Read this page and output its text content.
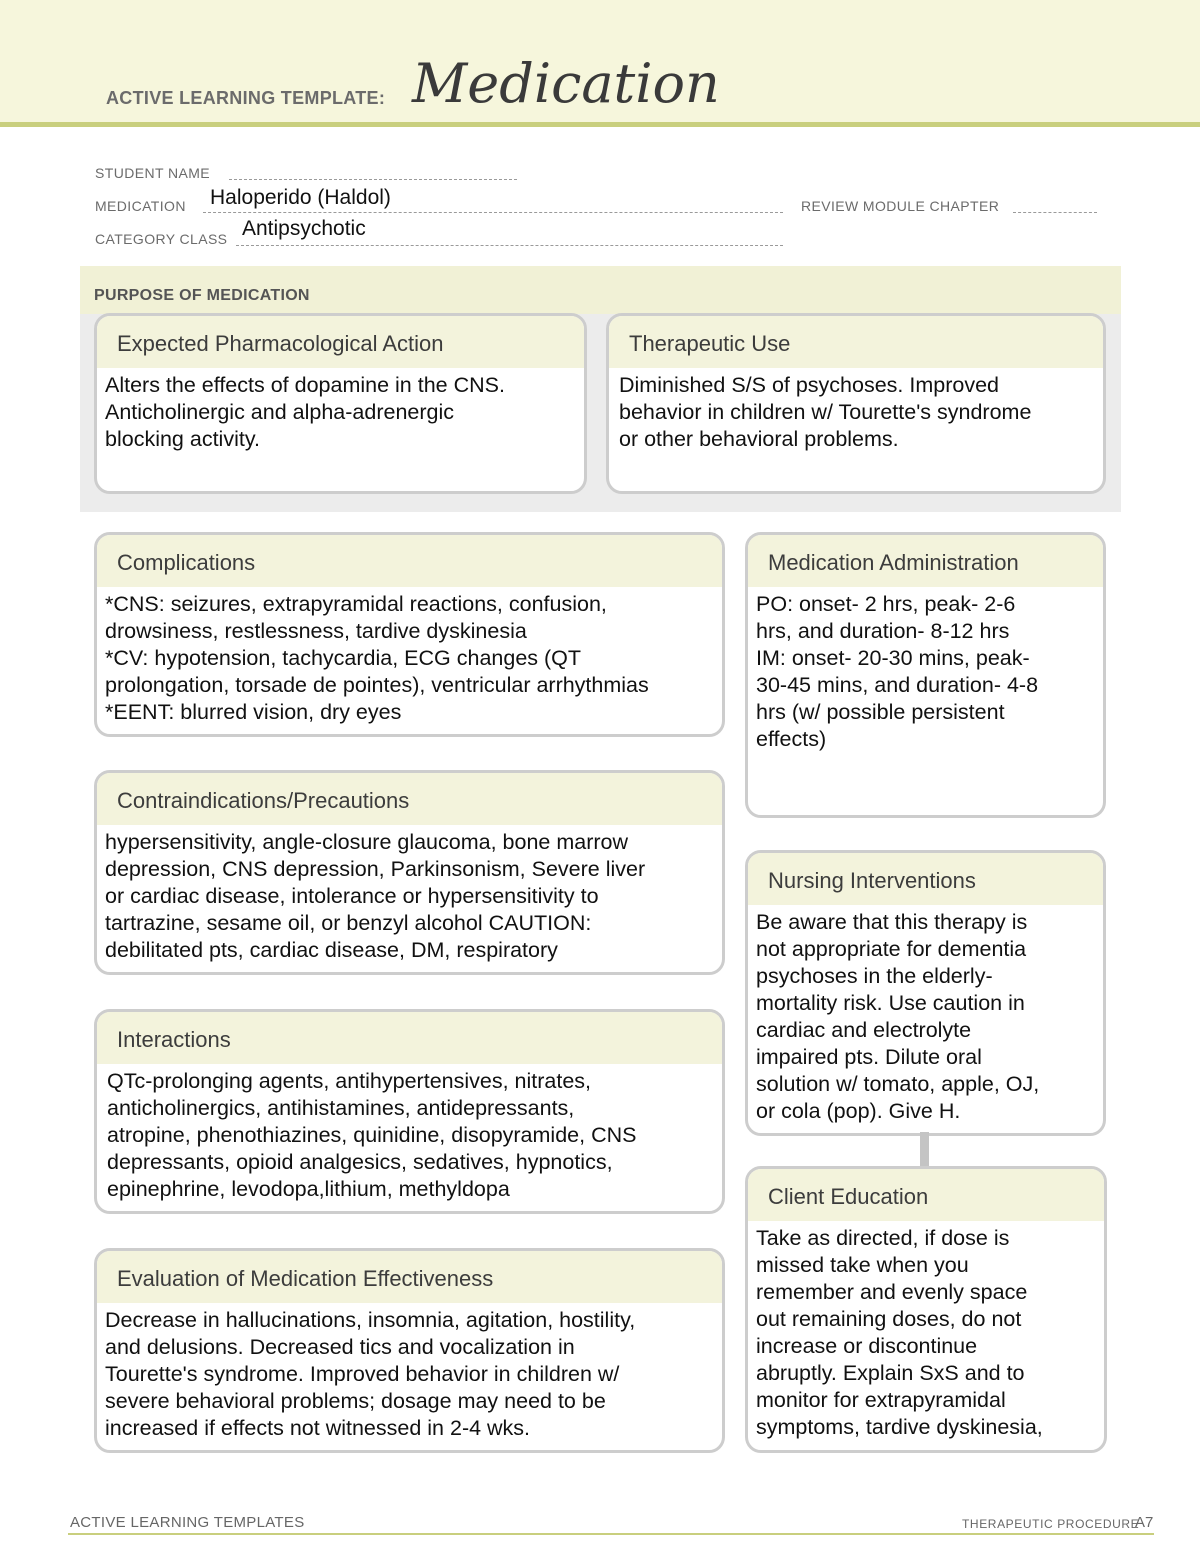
ACTIVE LEARNING TEMPLATE: Medication
STUDENT NAME
MEDICATION Haloperido (Haldol)	REVIEW MODULE CHAPTER
CATEGORY CLASS Antipsychotic
PURPOSE OF MEDICATION
Expected Pharmacological Action
Alters the effects of dopamine in the CNS.
Anticholinergic and alpha-adrenergic
blocking activity.
Therapeutic Use
Diminished S/S of psychoses. Improved
behavior in children w/ Tourette's syndrome
or other behavioral problems.
Complications
*CNS: seizures, extrapyramidal reactions, confusion,
drowsiness, restlessness, tardive dyskinesia
*CV: hypotension, tachycardia, ECG changes (QT
prolongation, torsade de pointes), ventricular arrhythmias
*EENT: blurred vision, dry eyes
Contraindications/Precautions
hypersensitivity, angle-closure glaucoma, bone marrow
depression, CNS depression, Parkinsonism, Severe liver
or cardiac disease, intolerance or hypersensitivity to
tartrazine, sesame oil, or benzyl alcohol CAUTION:
debilitated pts, cardiac disease, DM, respiratory
Interactions
QTc-prolonging agents, antihypertensives, nitrates,
anticholinergics, antihistamines, antidepressants,
atropine, phenothiazines, quinidine, disopyramide, CNS
depressants, opioid analgesics, sedatives, hypnotics,
epinephrine, levodopa,lithium, methyldopa
Evaluation of Medication Effectiveness
Decrease in hallucinations, insomnia, agitation, hostility,
and delusions. Decreased tics and vocalization in
Tourette's syndrome. Improved behavior in children w/
severe behavioral problems; dosage may need to be
increased if effects not witnessed in 2-4 wks.
Medication Administration
PO: onset- 2 hrs, peak- 2-6
hrs, and duration- 8-12 hrs
IM: onset- 20-30 mins, peak-
30-45 mins, and duration- 4-8
hrs (w/ possible persistent
effects)
Nursing Interventions
Be aware that this therapy is
not appropriate for dementia
psychoses in the elderly-
mortality risk. Use caution in
cardiac and electrolyte
impaired pts. Dilute oral
solution w/ tomato, apple, OJ,
or cola (pop). Give H.
Client Education
Take as directed, if dose is
missed take when you
remember and evenly space
out remaining doses, do not
increase or discontinue
abruptly. Explain SxS and to
monitor for extrapyramidal
symptoms, tardive dyskinesia,
ACTIVE LEARNING TEMPLATES	THERAPEUTIC PROCEDURE
A7
